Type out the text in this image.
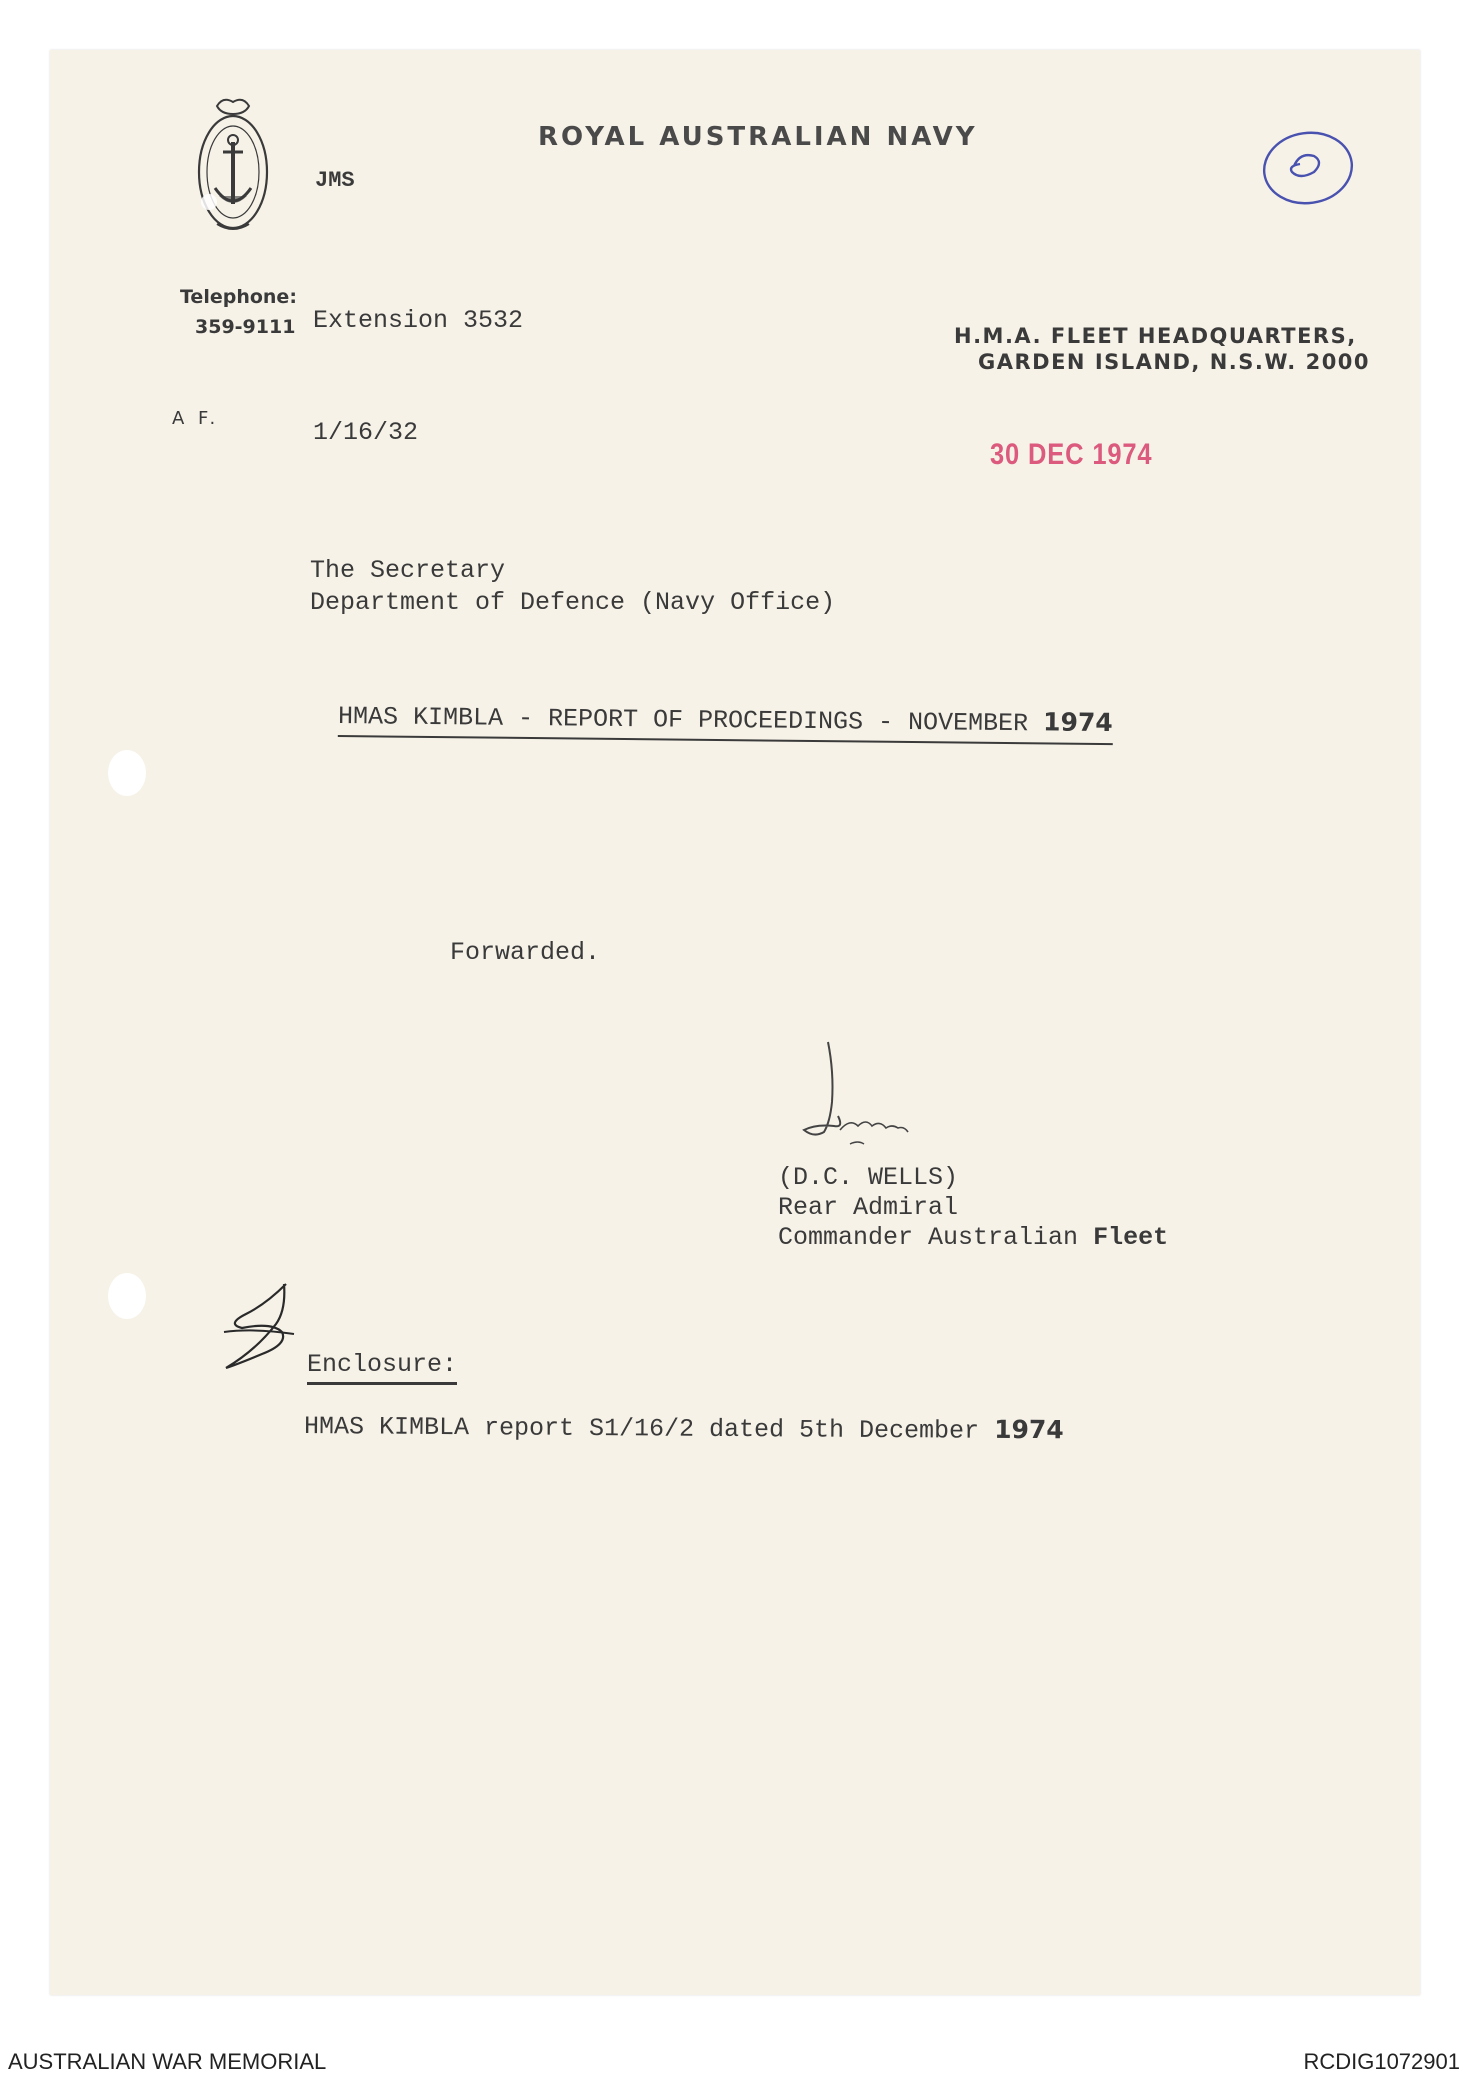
ROYAL AUSTRALIAN NAVY
JMS
Telephone:
359-9111 Extension 3532
H.M.A. FLEET HEADQUARTERS,
GARDEN ISLAND, N.S.W. 2000
A F.	1/16/32
30 DEC 1974
The Secretary
Department of Defence (Navy Office)
HMAS KIMBLA - REPORT OF PROCEEDINGS - NOVEMBER 1974
Forwarded.
(D.C. WELLS)
Rear Admiral
Commander Australian Fleet
Enclosure:
HMAS KIMBLA report S1/16/2 dated 5th December 1974
AUSTRALIAN WAR MEMORIAL	RCDIG1072901
